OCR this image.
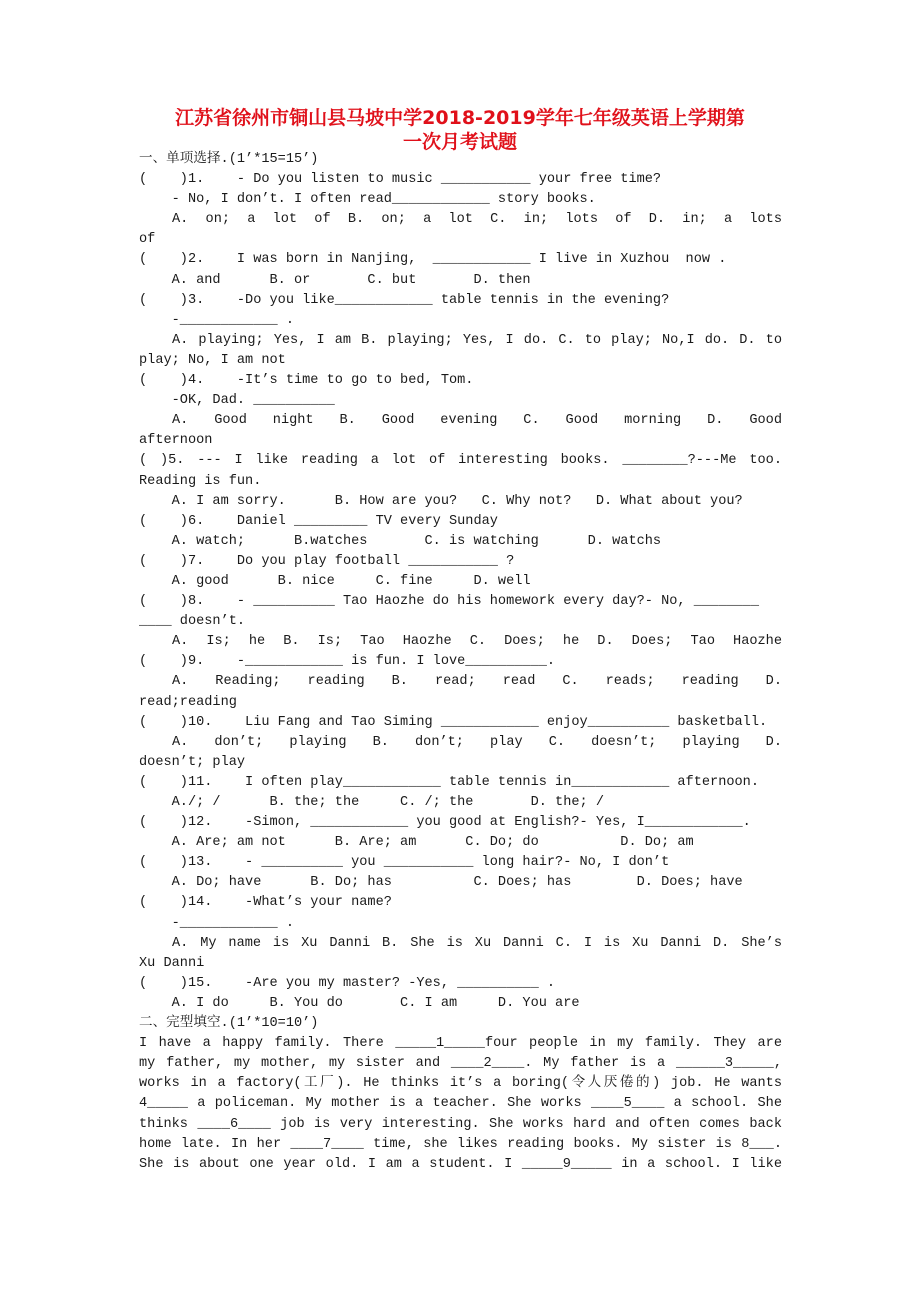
江苏省徐州市铜山县马坡中学2018-2019学年七年级英语上学期第
一次月考试题
一、单项选择.(1’*15=15’)
(    )1.    - Do you listen to music ___________ your free time?
- No, I don’t. I often read____________ story books.
A. on; a lot of B. on; a lot C. in; lots of D. in; a lots
of
(    )2.    I was born in Nanjing,  ____________ I live in Xuzhou  now .
A. and      B. or       C. but       D. then
(    )3.    -Do you like____________ table tennis in the evening?
-____________ .
A. playing; Yes, I am B. playing; Yes, I do. C. to play; No,I do. D. to
play; No, I am not
(    )4.    -It’s time to go to bed, Tom.
-OK, Dad. __________
A. Good night B. Good evening C. Good morning D. Good
afternoon
( )5. --- I like reading a lot of interesting books. ________?---Me too.
Reading is fun.
A. I am sorry.      B. How are you?   C. Why not?   D. What about you?
(    )6.    Daniel _________ TV every Sunday
A. watch;      B.watches       C. is watching      D. watchs
(    )7.    Do you play football ___________ ?
A. good      B. nice     C. fine     D. well
(    )8.    - __________ Tao Haozhe do his homework every day?- No, ________
____ doesn’t.
A. Is; he B. Is; Tao Haozhe C. Does; he D. Does; Tao Haozhe
(    )9.    -____________ is fun. I love__________.
A. Reading; reading B. read; read C. reads; reading D.
read;reading
(    )10.    Liu Fang and Tao Siming ____________ enjoy__________ basketball.
A. don’t; playing B. don’t; play C. doesn’t; playing D.
doesn’t; play
(    )11.    I often play____________ table tennis in____________ afternoon.
A./; /      B. the; the     C. /; the       D. the; /
(    )12.    -Simon, ____________ you good at English?- Yes, I____________.
A. Are; am not      B. Are; am      C. Do; do          D. Do; am
(    )13.    - __________ you ___________ long hair?- No, I don’t
A. Do; have      B. Do; has          C. Does; has        D. Does; have
(    )14.    -What’s your name?
-____________ .
A. My name is Xu Danni B. She is Xu Danni C. I is Xu Danni D. She’s
Xu Danni
(    )15.    -Are you my master? -Yes, __________ .
A. I do     B. You do       C. I am     D. You are
二、完型填空.(1’*10=10’)
I have a happy family. There _____1_____four people in my family. They are
my father, my mother, my sister and ____2____. My father is a ______3_____,
works in a factory(工厂). He thinks it’s a boring(令人厌倦的) job. He wants
4_____ a policeman. My mother is a teacher. She works ____5____ a school. She
thinks ____6____ job is very interesting. She works hard and often comes back
home late. In her ____7____ time, she likes reading books. My sister is 8___.
She is about one year old. I am a student. I _____9_____ in a school. I like
